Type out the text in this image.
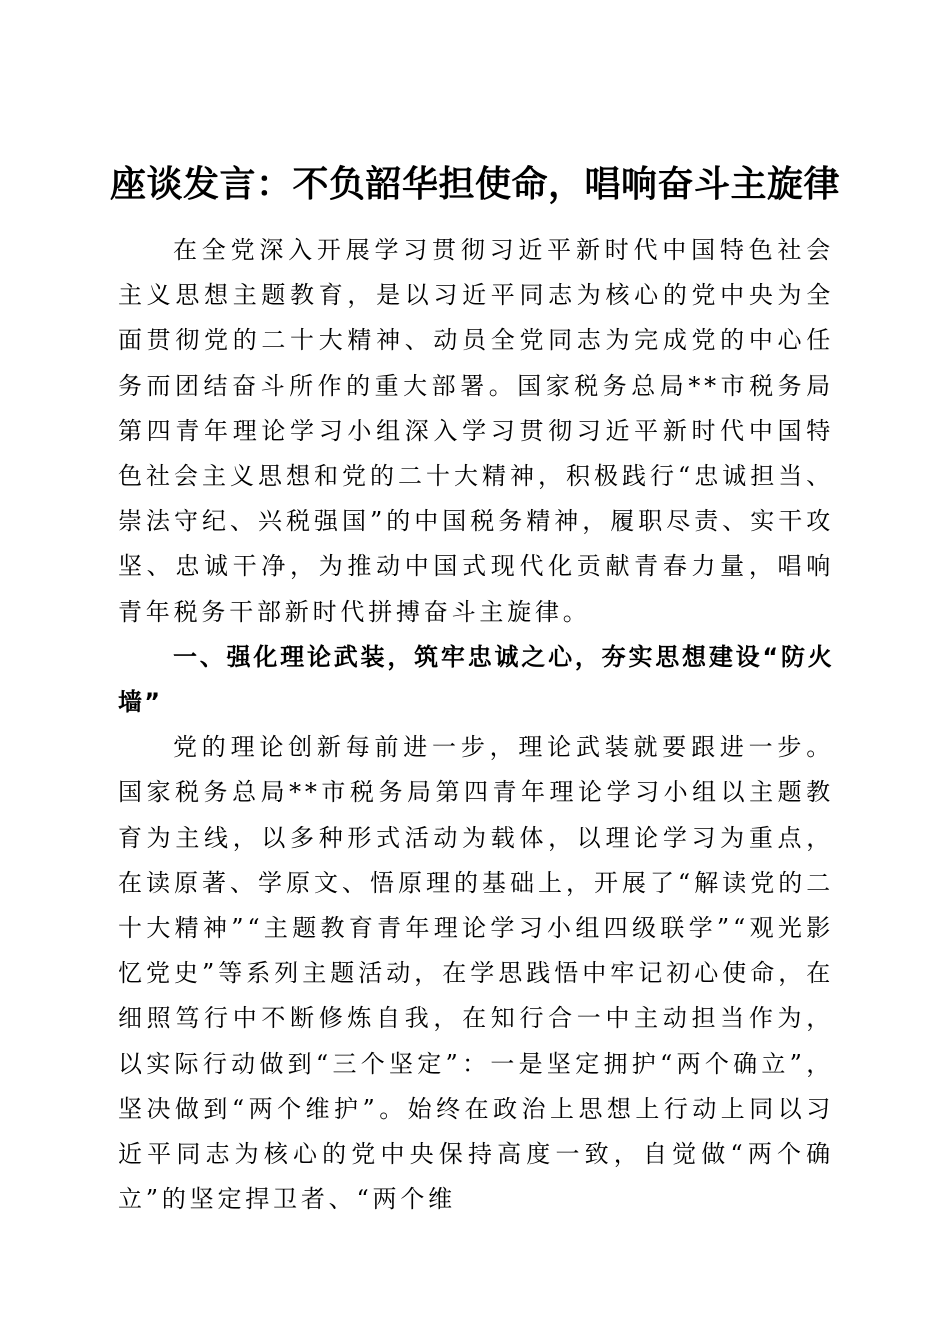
座谈发言：不负韶华担使命，唱响奋斗主旋律

在全党深入开展学习贯彻习近平新时代中国特色社会主义思想主题教育，是以习近平同志为核心的党中央为全面贯彻党的二十大精神、动员全党同志为完成党的中心任务而团结奋斗所作的重大部署。国家税务总局**市税务局第四青年理论学习小组深入学习贯彻习近平新时代中国特色社会主义思想和党的二十大精神，积极践行“忠诚担当、崇法守纪、兴税强国”的中国税务精神，履职尽责、实干攻坚、忠诚干净，为推动中国式现代化贡献青春力量，唱响青年税务干部新时代拼搏奋斗主旋律。

一、强化理论武装，筑牢忠诚之心，夯实思想建设“防火墙”

党的理论创新每前进一步，理论武装就要跟进一步。国家税务总局**市税务局第四青年理论学习小组以主题教育为主线，以多种形式活动为载体，以理论学习为重点，在读原著、学原文、悟原理的基础上，开展了“解读党的二十大精神”“主题教育青年理论学习小组四级联学”“观光影忆党史”等系列主题活动，在学思践悟中牢记初心使命，在细照笃行中不断修炼自我，在知行合一中主动担当作为，以实际行动做到“三个坚定”：一是坚定拥护“两个确立”，坚决做到“两个维护”。始终在政治上思想上行动上同以习近平同志为核心的党中央保持高度一致，自觉做“两个确立”的坚定捍卫者、“两个维
